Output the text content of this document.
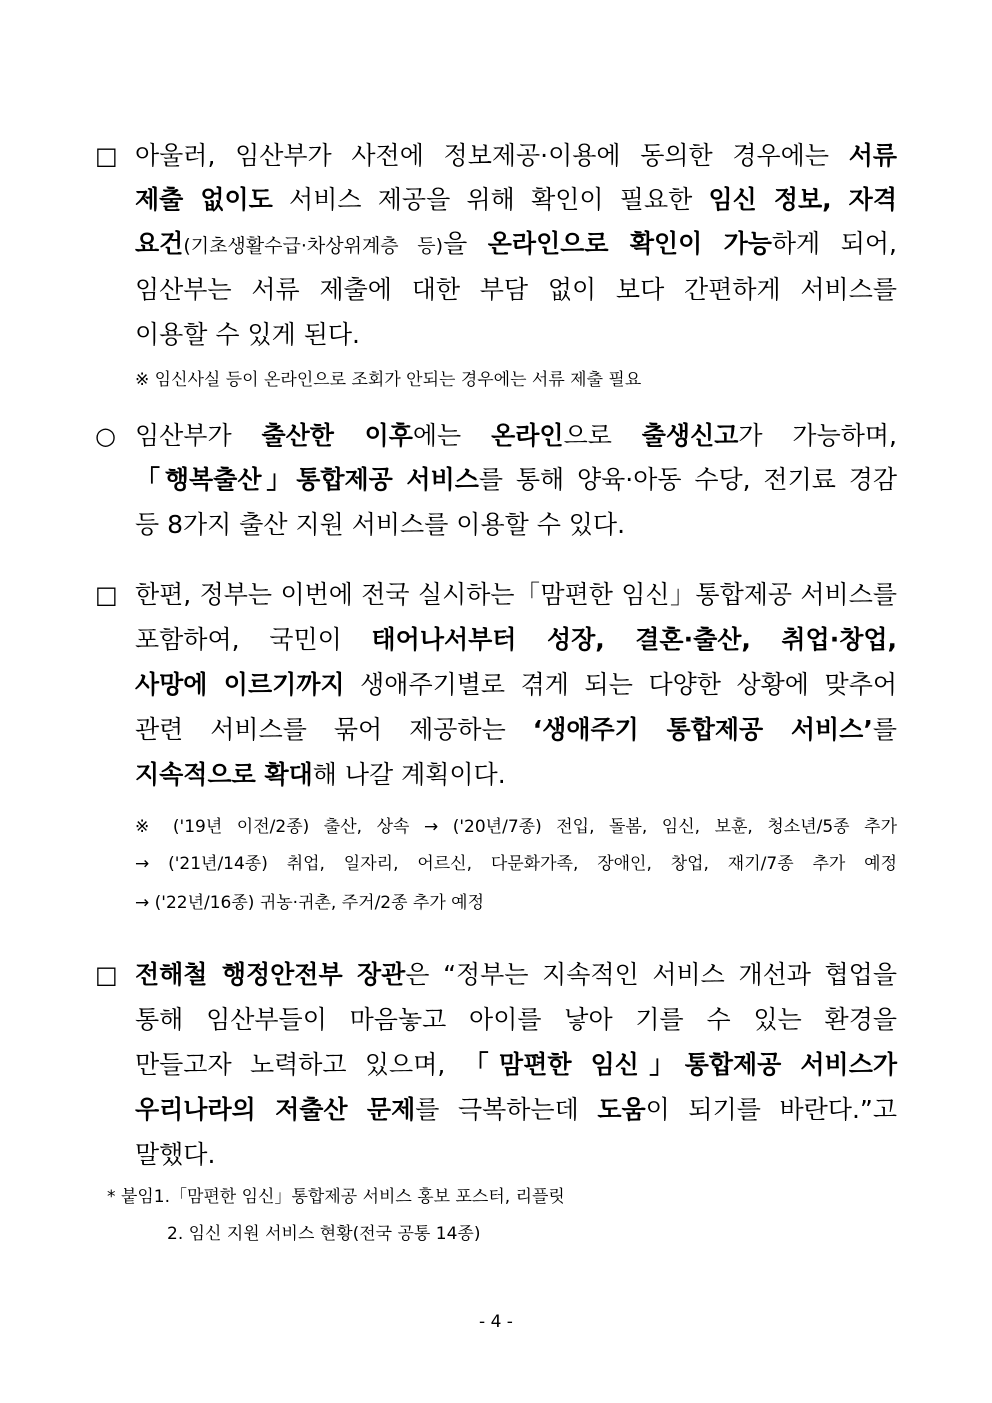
□ 아울러, 임산부가 사전에 정보제공·이용에 동의한 경우에는 서류
제출 없이도 서비스 제공을 위해 확인이 필요한 임신 정보, 자격
요건(기초생활수급·차상위계층 등)을 온라인으로 확인이 가능하게 되어,
임산부는 서류 제출에 대한 부담 없이 보다 간편하게 서비스를
이용할 수 있게 된다.
※ 임신사실 등이 온라인으로 조회가 안되는 경우에는 서류 제출 필요
○ 임산부가 출산한 이후에는 온라인으로 출생신고가 가능하며,
「행복출산」통합제공 서비스를 통해 양육·아동 수당, 전기료 경감
등 8가지 출산 지원 서비스를 이용할 수 있다.
□ 한편, 정부는 이번에 전국 실시하는「맘편한 임신」통합제공 서비스를
포함하여, 국민이 태어나서부터 성장, 결혼·출산, 취업·창업,
사망에 이르기까지 생애주기별로 겪게 되는 다양한 상황에 맞추어
관련 서비스를 묶어 제공하는 ‘생애주기 통합제공 서비스’를
지속적으로 확대해 나갈 계획이다.
※ ('19년 이전/2종) 출산, 상속 → ('20년/7종) 전입, 돌봄, 임신, 보훈, 청소년/5종 추가
→ ('21년/14종) 취업, 일자리, 어르신, 다문화가족, 장애인, 창업, 재기/7종 추가 예정
→ ('22년/16종) 귀농·귀촌, 주거/2종 추가 예정
□ 전해철 행정안전부 장관은 “정부는 지속적인 서비스 개선과 협업을
통해 임산부들이 마음놓고 아이를 낳아 기를 수 있는 환경을
만들고자 노력하고 있으며, 「맘편한 임신」통합제공 서비스가
우리나라의 저출산 문제를 극복하는데 도움이 되기를 바란다.”고
말했다.
* 붙임1.「맘편한 임신」통합제공 서비스 홍보 포스터, 리플릿
2. 임신 지원 서비스 현황(전국 공통 14종)
- 4 -
